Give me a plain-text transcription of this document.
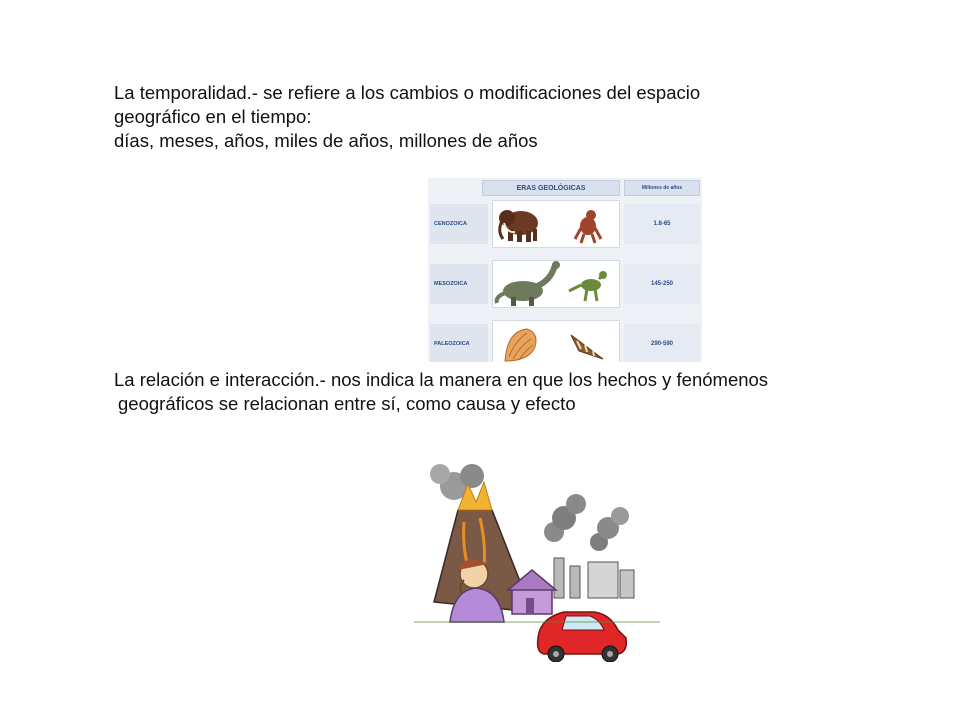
La temporalidad.- se refiere a los cambios o modificaciones del espacio
geográfico en el tiempo:
días, meses, años, miles de años, millones de años
ERAS GEOLÓGICAS	Millones de años
CENOZOICA	1.8-65
MESOZOICA	145-250
PALEOZOICA	290-590
La relación e interacción.- nos indica la manera en que los hechos y fenómenos
geográficos se relacionan entre sí, como causa y efecto
